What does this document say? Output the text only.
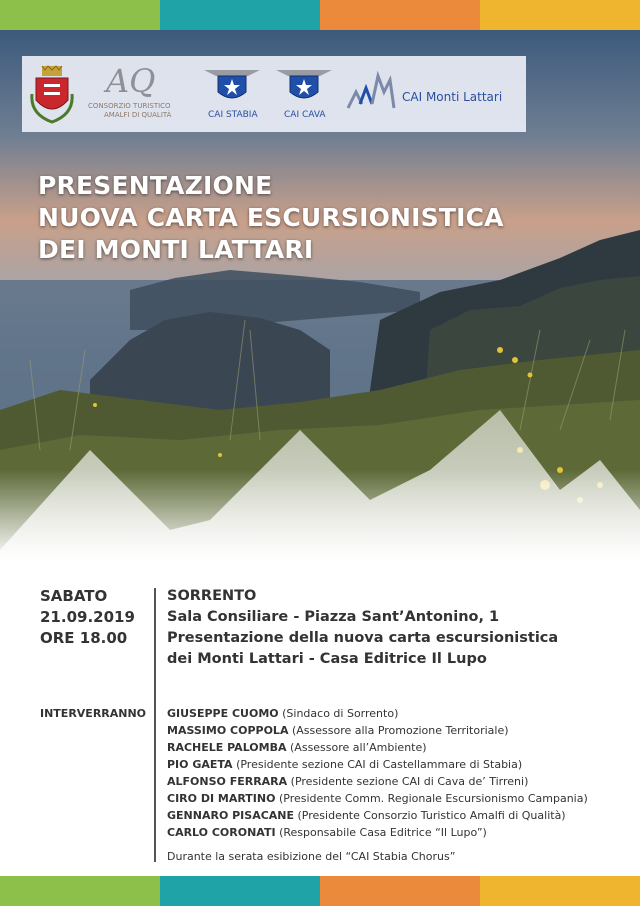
AQ
CONSORZIO TURISTICO
AMALFI DI QUALITÀ	CAI STABIA	CAI CAVA
CAI Monti Lattari
PRESENTAZIONE
NUOVA CARTA ESCURSIONISTICA
DEI MONTI LATTARI
SABATO
21.09.2019
ORE 18.00
SORRENTO
Sala Consiliare - Piazza Sant’Antonino, 1
Presentazione della nuova carta escursionistica
dei Monti Lattari - Casa Editrice Il Lupo
INTERVERRANNO GIUSEPPE CUOMO (Sindaco di Sorrento)
MASSIMO COPPOLA (Assessore alla Promozione Territoriale)
RACHELE PALOMBA (Assessore all’Ambiente)
PIO GAETA (Presidente sezione CAI di Castellammare di Stabia)
ALFONSO FERRARA (Presidente sezione CAI di Cava de’ Tirreni)
CIRO DI MARTINO (Presidente Comm. Regionale Escursionismo Campania)
GENNARO PISACANE (Presidente Consorzio Turistico Amalfi di Qualità)
CARLO CORONATI (Responsabile Casa Editrice “Il Lupo”)
Durante la serata esibizione del “CAI Stabia Chorus”
